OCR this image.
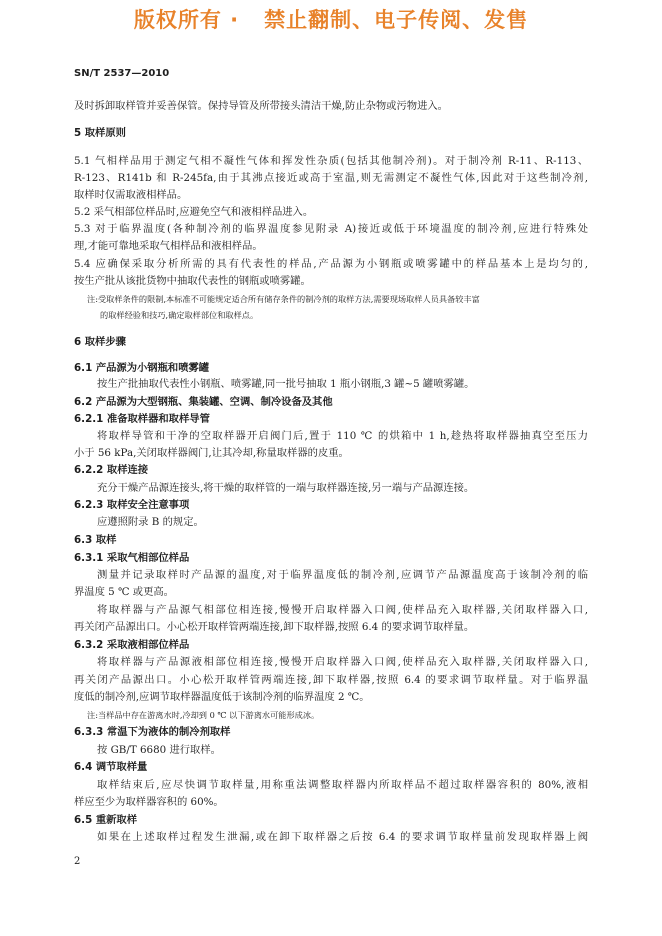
版权所有 ·   禁止翻制、电子传阅、发售
SN/T 2537—2010
及时拆卸取样管并妥善保管。保持导管及所带接头清洁干燥,防止杂物或污物进入。
5 取样原则
5.1 气相样品用于测定气相不凝性气体和挥发性杂质(包括其他制冷剂)。对于制冷剂 R-11、R-113、
R-123、R141b 和 R-245fa,由于其沸点接近或高于室温,则无需测定不凝性气体,因此对于这些制冷剂,
取样时仅需取液相样品。
5.2 采气相部位样品时,应避免空气和液相样品进入。
5.3 对于临界温度(各种制冷剂的临界温度参见附录 A)接近或低于环境温度的制冷剂,应进行特殊处
理,才能可靠地采取气相样品和液相样品。
5.4 应确保采取分析所需的具有代表性的样品,产品源为小钢瓶或喷雾罐中的样品基本上是均匀的,
按生产批从该批货物中抽取代表性的钢瓶或喷雾罐。
注:受取样条件的限制,本标准不可能规定适合所有储存条件的制冷剂的取样方法,需要现场取样人员具备较丰富
的取样经验和技巧,确定取样部位和取样点。
6 取样步骤
6.1 产品源为小钢瓶和喷雾罐
按生产批抽取代表性小钢瓶、喷雾罐,同一批号抽取 1 瓶小钢瓶,3 罐~5 罐喷雾罐。
6.2 产品源为大型钢瓶、集装罐、空调、制冷设备及其他
6.2.1 准备取样器和取样导管
将取样导管和干净的空取样器开启阀门后,置于 110 ℃ 的烘箱中 1 h,趁热将取样器抽真空至压力
小于 56 kPa,关闭取样器阀门,让其冷却,称量取样器的皮重。
6.2.2 取样连接
充分干燥产品源连接头,将干燥的取样管的一端与取样器连接,另一端与产品源连接。
6.2.3 取样安全注意事项
应遵照附录 B 的规定。
6.3 取样
6.3.1 采取气相部位样品
测量并记录取样时产品源的温度,对于临界温度低的制冷剂,应调节产品源温度高于该制冷剂的临
界温度 5 ℃ 或更高。
将取样器与产品源气相部位相连接,慢慢开启取样器入口阀,使样品充入取样器,关闭取样器入口,
再关闭产品源出口。小心松开取样管两端连接,卸下取样器,按照 6.4 的要求调节取样量。
6.3.2 采取液相部位样品
将取样器与产品源液相部位相连接,慢慢开启取样器入口阀,使样品充入取样器,关闭取样器入口,
再关闭产品源出口。小心松开取样管两端连接,卸下取样器,按照 6.4 的要求调节取样量。对于临界温
度低的制冷剂,应调节取样器温度低于该制冷剂的临界温度 2 ℃。
注:当样品中存在游离水时,冷却到 0 ℃ 以下游离水可能形成冰。
6.3.3 常温下为液体的制冷剂取样
按 GB/T 6680 进行取样。
6.4 调节取样量
取样结束后,应尽快调节取样量,用称重法调整取样器内所取样品不超过取样器容积的 80%,液相
样应至少为取样器容积的 60%。
6.5 重新取样
如果在上述取样过程发生泄漏,或在卸下取样器之后按 6.4 的要求调节取样量前发现取样器上阀
2
